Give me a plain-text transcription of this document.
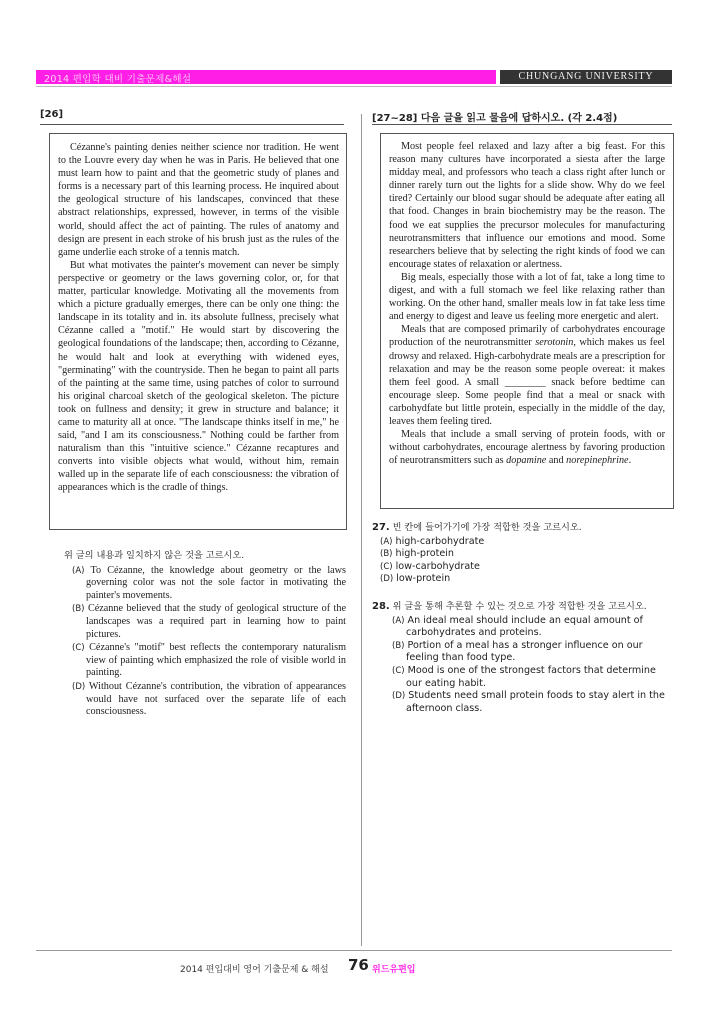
2014 편입학 대비 기출문제&해설	CHUNGANG UNIVERSITY
[26]

Cézanne's painting denies neither science nor tradition. He went to the Louvre every day when he was in Paris. He believed that one must learn how to paint and that the geometric study of planes and forms is a necessary part of this learning process. He inquired about the geological structure of his landscapes, convinced that these abstract relationships, expressed, however, in terms of the visible world, should affect the act of painting. The rules of anatomy and design are present in each stroke of his brush just as the rules of the game underlie each stroke of a tennis match.

But what motivates the painter's movement can never be simply perspective or geometry or the laws governing color, or, for that matter, particular knowledge. Motivating all the movements from which a picture gradually emerges, there can be only one thing: the landscape in its totality and in. its absolute fullness, precisely what Cézanne called a "motif." He would start by discovering the geological foundations of the landscape; then, according to Cézanne, he would halt and look at everything with widened eyes, "germinating" with the countryside. Then he began to paint all parts of the painting at the same time, using patches of color to surround his original charcoal sketch of the geological skeleton. The picture took on fullness and density; it grew in structure and balance; it came to maturity all at once. "The landscape thinks itself in me," he said, "and I am its consciousness." Nothing could be farther from naturalism than this "intuitive science." Cézanne recaptures and converts into visible objects what would, without him, remain walled up in the separate life of each consciousness: the vibration of appearances which is the cradle of things.

위 글의 내용과 일치하지 않은 것을 고르시오.
(A) To Cézanne, the knowledge about geometry or the laws governing color was not the sole factor in motivating the painter's movements.
(B) Cézanne believed that the study of geological structure of the landscapes was a required part in learning how to paint pictures.
(C) Cézanne's "motif" best reflects the contemporary naturalism view of painting which emphasized the role of visible world in painting.
(D) Without Cézanne's contribution, the vibration of appearances would have not surfaced over the separate life of each consciousness.
[27~28] 다음 글을 읽고 물음에 답하시오. (각 2.4점)

Most people feel relaxed and lazy after a big feast. For this reason many cultures have incorporated a siesta after the large midday meal, and professors who teach a class right after lunch or dinner rarely turn out the lights for a slide show. Why do we feel tired? Certainly our blood sugar should be adequate after eating all that food. Changes in brain biochemistry may be the reason. The food we eat supplies the precursor molecules for manufacturing neurotransmitters that influence our emotions and mood. Some researchers believe that by selecting the right kinds of food we can encourage states of relaxation or alertness.

Big meals, especially those with a lot of fat, take a long time to digest, and with a full stomach we feel like relaxing rather than working. On the other hand, smaller meals low in fat take less time and energy to digest and leave us feeling more energetic and alert.

Meals that are composed primarily of carbohydrates encourage production of the neurotransmitter serotonin, which makes us feel drowsy and relaxed. High-carbohydrate meals are a prescription for relaxation and may be the reason some people overeat: it makes them feel good. A small ________ snack before bedtime can encourage sleep. Some people find that a meal or snack with carbohydfate but little protein, especially in the middle of the day, leaves them feeling tired.

Meals that include a small serving of protein foods, with or without carbohydrates, encourage alertness by favoring production of neurotransmitters such as dopamine and norepinephrine.

27. 빈 칸에 들어가기에 가장 적합한 것을 고르시오.
(A) high-carbohydrate
(B) high-protein
(C) low-carbohydrate
(D) low-protein
28. 위 글을 통해 추론할 수 있는 것으로 가장 적합한 것을 고르시오.
(A) An ideal meal should include an equal amount of carbohydrates and proteins.
(B) Portion of a meal has a stronger influence on our feeling than food type.
(C) Mood is one of the strongest factors that determine our eating habit.
(D) Students need small protein foods to stay alert in the afternoon class.
2014 편입대비 영어 기출문제 & 해설 76 위드유편입
